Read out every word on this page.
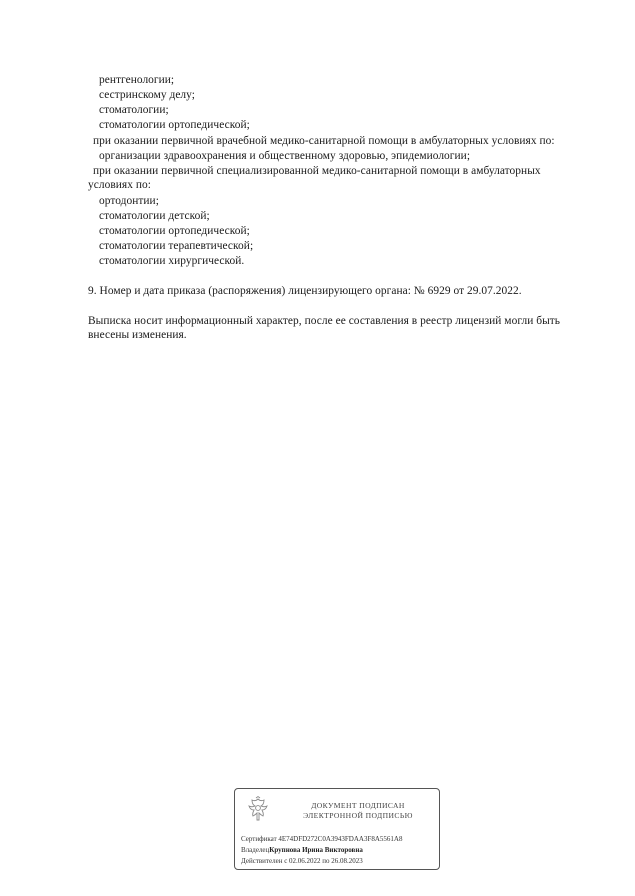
рентгенологии;
сестринскому делу;
стоматологии;
стоматологии ортопедической;
при оказании первичной врачебной медико-санитарной помощи в амбулаторных условиях по:
организации здравоохранения и общественному здоровью, эпидемиологии;
при оказании первичной специализированной медико-санитарной помощи в амбулаторных
условиях по:
ортодонтии;
стоматологии детской;
стоматологии ортопедической;
стоматологии терапевтической;
стоматологии хирургической.
9. Номер и дата приказа (распоряжения) лицензирующего органа: № 6929 от 29.07.2022.
Выписка носит информационный характер, после ее составления в реестр лицензий могли быть
внесены изменения.
ДОКУМЕНТ ПОДПИСАН
ЭЛЕКТРОННОЙ ПОДПИСЬЮ
Сертификат 4E74DFD272C0A3943FDAA3F8A5561A8
ВладелецКрупнова Ирина Викторовна
Действителен с 02.06.2022 по 26.08.2023
